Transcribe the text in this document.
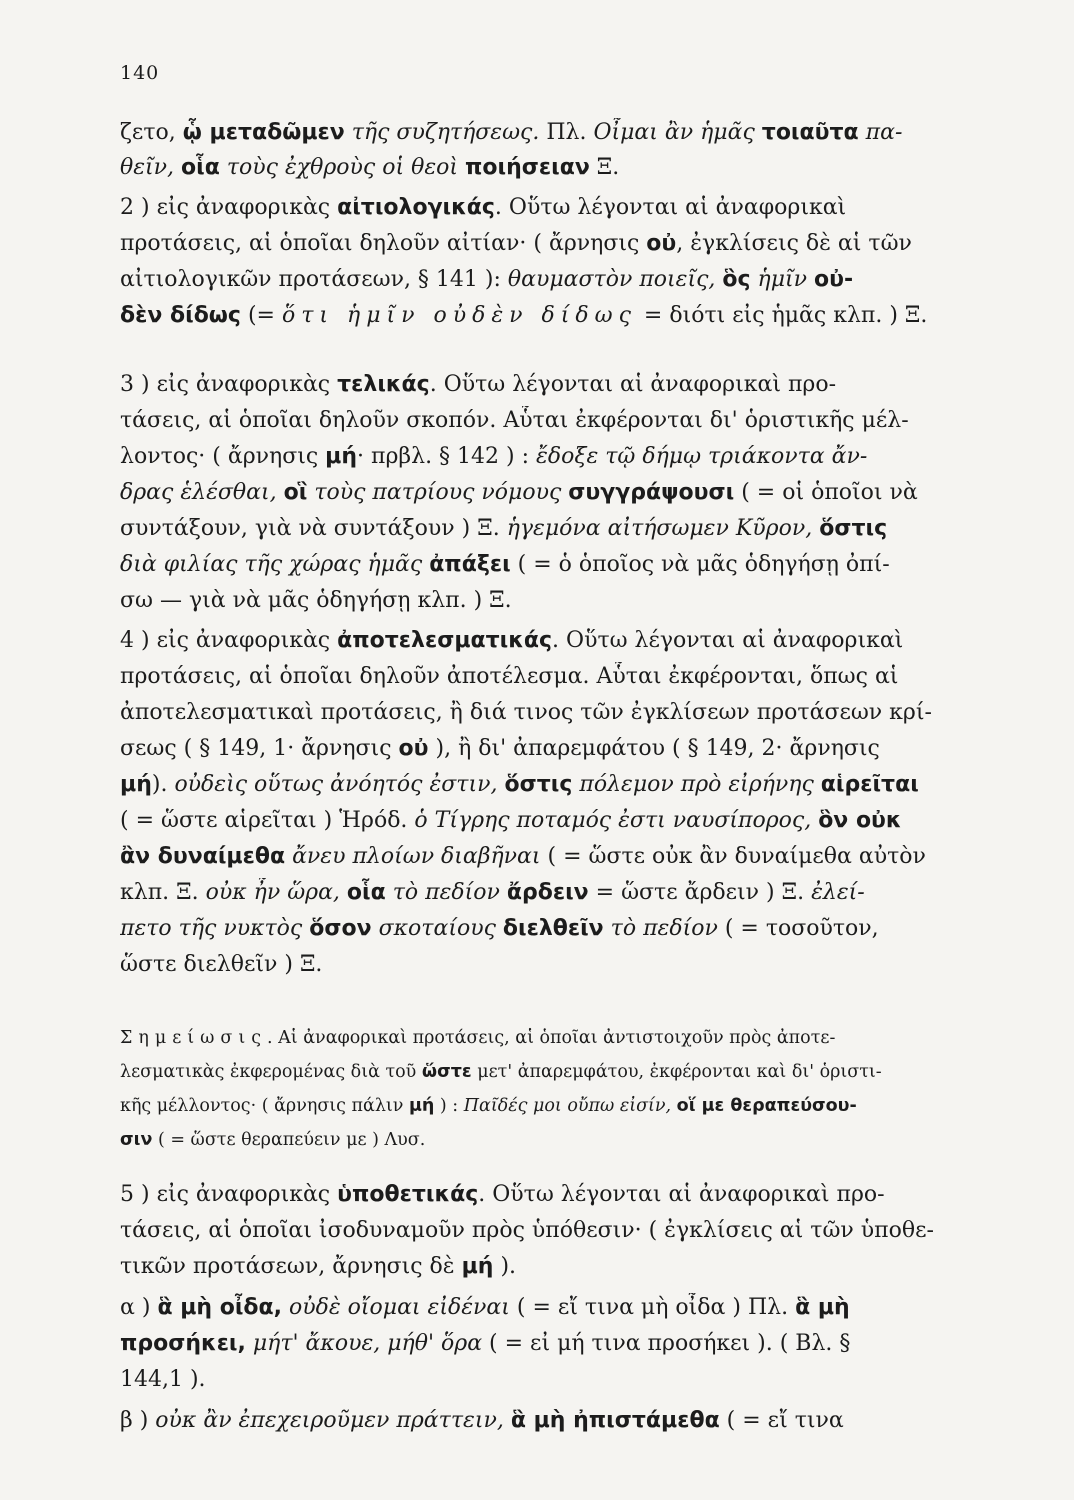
140
ζετο, ᾧ μεταδῶμεν τῆς συζητήσεως. Πλ. Οἶμαι ἂν ἡμᾶς τοιαῦτα πα-
θεῖν, οἷα τοὺς ἐχθροὺς οἱ θεοὶ ποιήσειαν Ξ.
2 ) εἰς ἀναφορικὰς αἰτιολογικάς. Οὕτω λέγονται αἱ ἀναφορικαὶ
προτάσεις, αἱ ὁποῖαι δηλοῦν αἰτίαν· ( ἄρνησις οὐ, ἐγκλίσεις δὲ αἱ τῶν
αἰτιολογικῶν προτάσεων, § 141 ): θαυμαστὸν ποιεῖς, ὃς ἡμῖν οὐ-
δὲν δίδως (= ὅτι ἡμῖν οὐδὲν δίδως = διότι εἰς ἡμᾶς κλπ. ) Ξ.
3 ) εἰς ἀναφορικὰς τελικάς. Οὕτω λέγονται αἱ ἀναφορικαὶ προ-
τάσεις, αἱ ὁποῖαι δηλοῦν σκοπόν. Αὗται ἐκφέρονται δι' ὁριστικῆς μέλ-
λοντος· ( ἄρνησις μή· πρβλ. § 142 ) : ἔδοξε τῷ δήμῳ τριάκοντα ἄν-
δρας ἑλέσθαι, οἳ τοὺς πατρίους νόμους συγγράψουσι ( = οἱ ὁποῖοι νὰ
συντάξουν, γιὰ νὰ συντάξουν ) Ξ. ἡγεμόνα αἰτήσωμεν Κῦρον, ὅστις
διὰ φιλίας τῆς χώρας ἡμᾶς ἀπάξει ( = ὁ ὁποῖος νὰ μᾶς ὁδηγήσῃ ὀπί-
σω — γιὰ νὰ μᾶς ὁδηγήσῃ κλπ. ) Ξ.
4 ) εἰς ἀναφορικὰς ἀποτελεσματικάς. Οὕτω λέγονται αἱ ἀναφορικαὶ
προτάσεις, αἱ ὁποῖαι δηλοῦν ἀποτέλεσμα. Αὗται ἐκφέρονται, ὅπως αἱ
ἀποτελεσματικαὶ προτάσεις, ἢ διά τινος τῶν ἐγκλίσεων προτάσεων κρί-
σεως ( § 149, 1· ἄρνησις οὐ ), ἢ δι' ἀπαρεμφάτου ( § 149, 2· ἄρνησις
μή). οὐδεὶς οὕτως ἀνόητός ἐστιν, ὅστις πόλεμον πρὸ εἰρήνης αἱρεῖται
( = ὥστε αἱρεῖται ) Ἡρόδ. ὁ Τίγρης ποταμός ἐστι ναυσίπορος, ὃν οὐκ
ἂν δυναίμεθα ἄνευ πλοίων διαβῆναι ( = ὥστε οὐκ ἂν δυναίμεθα αὐτὸν
κλπ. Ξ. οὐκ ἦν ὥρα, οἷα τὸ πεδίον ἄρδειν = ὥστε ἄρδειν ) Ξ. ἐλεί-
πετο τῆς νυκτὸς ὅσον σκοταίους διελθεῖν τὸ πεδίον ( = τοσοῦτον,
ὥστε διελθεῖν ) Ξ.
Σημείωσις. Αἱ ἀναφορικαὶ προτάσεις, αἱ ὁποῖαι ἀντιστοιχοῦν πρὸς ἀποτε-
λεσματικὰς ἐκφερομένας διὰ τοῦ ὥστε μετ' ἀπαρεμφάτου, ἐκφέρονται καὶ δι' ὁριστι-
κῆς μέλλοντος· ( ἄρνησις πάλιν μή ) : Παῖδές μοι οὔπω εἰσίν, οἵ με θεραπεύσου-
σιν ( = ὥστε θεραπεύειν με ) Λυσ.
5 ) εἰς ἀναφορικὰς ὑποθετικάς. Οὕτω λέγονται αἱ ἀναφορικαὶ προ-
τάσεις, αἱ ὁποῖαι ἰσοδυναμοῦν πρὸς ὑπόθεσιν· ( ἐγκλίσεις αἱ τῶν ὑποθε-
τικῶν προτάσεων, ἄρνησις δὲ μή ).
α ) ἃ μὴ οἶδα, οὐδὲ οἴομαι εἰδέναι ( = εἴ τινα μὴ οἶδα ) Πλ. ἃ μὴ
προσήκει, μήτ' ἄκουε, μήθ' ὅρα ( = εἰ μή τινα προσήκει ). ( Βλ. §
144,1 ).
β ) οὐκ ἂν ἐπεχειροῦμεν πράττειν, ἃ μὴ ἠπιστάμεθα ( = εἴ τινα
